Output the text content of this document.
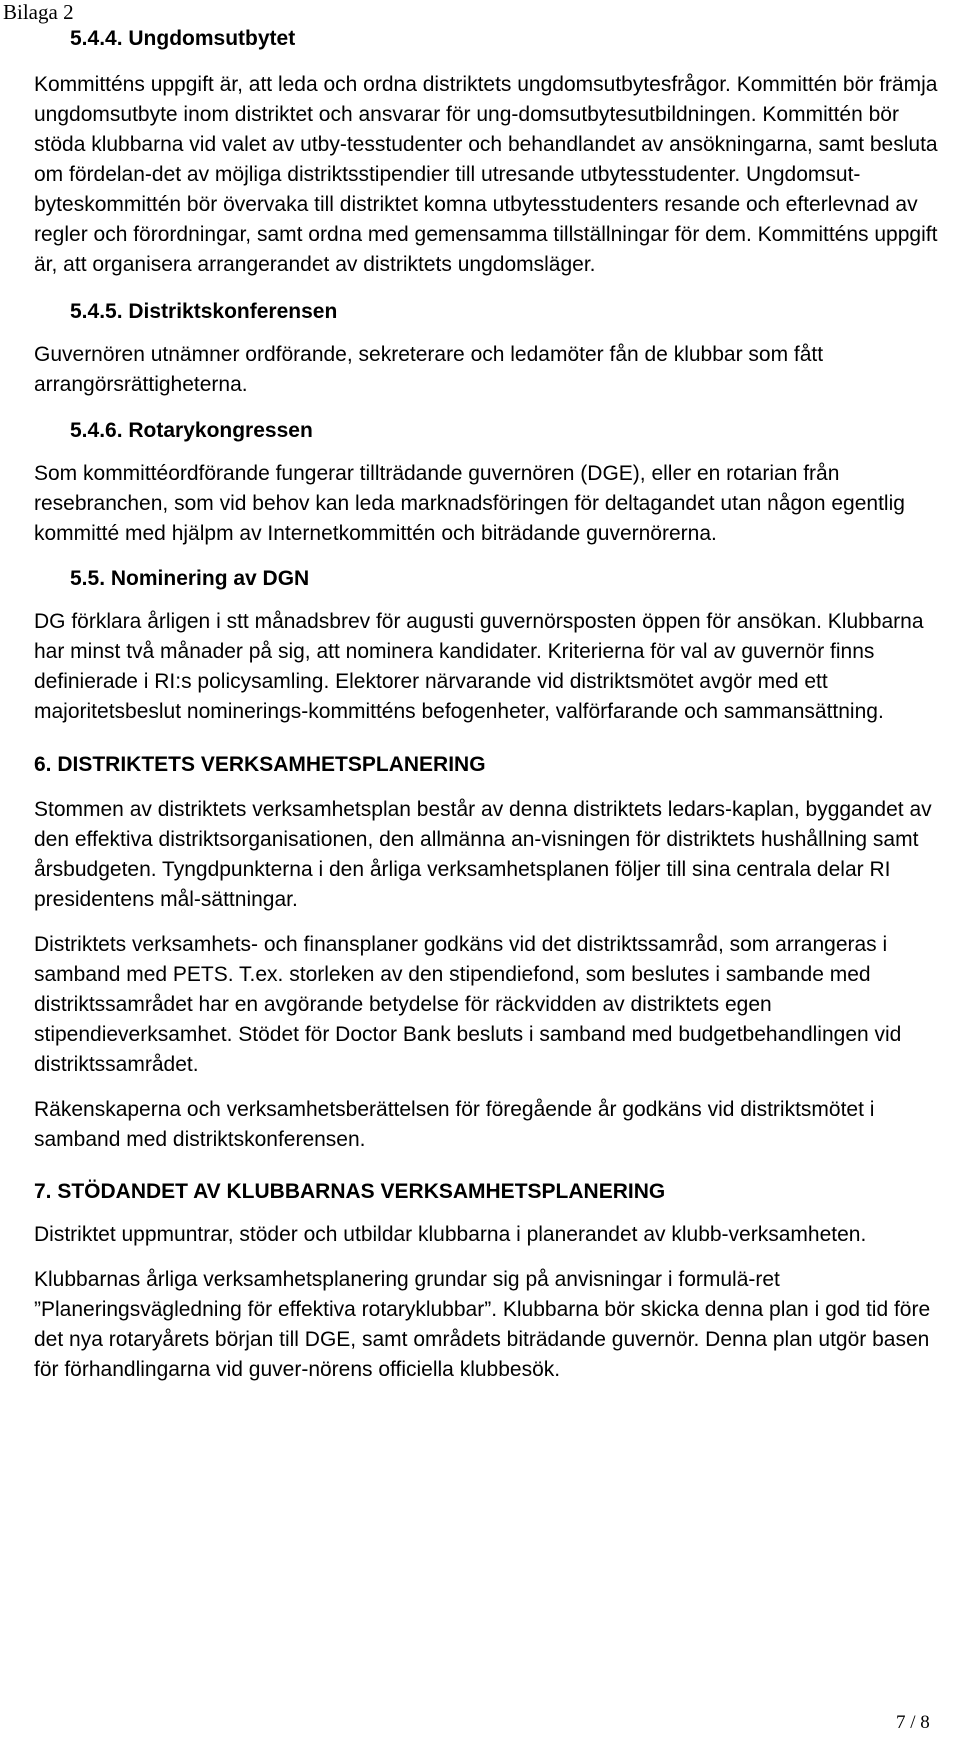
Bilaga 2
5.4.4. Ungdomsutbytet

Kommitténs uppgift är, att leda och ordna distriktets ungdomsutbytesfrågor. Kommittén bör främja ungdomsutbyte inom distriktet och ansvarar för ung-domsutbytesutbildningen. Kommittén bör stöda klubbarna vid valet av utby-tesstudenter och behandlandet av ansökningarna, samt besluta om fördelan-det av möjliga distriktsstipendier till utresande utbytesstudenter. Ungdomsut-byteskommittén bör övervaka till distriktet komna utbytesstudenters resande och efterlevnad av regler och förordningar, samt ordna med gemensamma tillställningar för dem. Kommitténs uppgift är, att organisera arrangerandet av distriktets ungdomsläger.

5.4.5. Distriktskonferensen

Guvernören utnämner ordförande, sekreterare och ledamöter fån de klubbar som fått arrangörsrättigheterna.

5.4.6. Rotarykongressen

Som kommittéordförande fungerar tillträdande guvernören (DGE), eller en rotarian från resebranchen, som vid behov kan leda marknadsföringen för deltagandet utan någon egentlig kommitté med hjälpm av Internetkommittén och biträdande guvernörerna.

5.5. Nominering av DGN

DG förklara årligen i stt månadsbrev för augusti guvernörsposten öppen för ansökan. Klubbarna har minst två månader på sig, att nominera kandidater. Kriterierna för val av guvernör finns definierade i RI:s policysamling. Elektorer närvarande vid distriktsmötet avgör med ett majoritetsbeslut nominerings-kommitténs befogenheter, valförfarande och sammansättning.

6. DISTRIKTETS VERKSAMHETSPLANERING

Stommen av distriktets verksamhetsplan består av denna distriktets ledars-kaplan, byggandet av den effektiva distriktsorganisationen, den allmänna an-visningen för distriktets hushållning samt årsbudgeten. Tyngdpunkterna i den årliga verksamhetsplanen följer till sina centrala delar RI presidentens mål-sättningar.

Distriktets verksamhets- och finansplaner godkäns vid det distriktssamråd, som arrangeras i samband med PETS. T.ex. storleken av den stipendiefond, som beslutes i sambande med distriktssamrådet har en avgörande betydelse för räckvidden av distriktets egen stipendieverksamhet. Stödet för Doctor Bank besluts i samband med budgetbehandlingen vid distriktssamrådet.

Räkenskaperna och verksamhetsberättelsen för föregående år godkäns vid distriktsmötet i samband med distriktskonferensen.

7. STÖDANDET AV KLUBBARNAS VERKSAMHETSPLANERING

Distriktet uppmuntrar, stöder och utbildar klubbarna i planerandet av klubb-verksamheten.

Klubbarnas årliga verksamhetsplanering grundar sig på anvisningar i formulä-ret ”Planeringsvägledning för effektiva rotaryklubbar”. Klubbarna bör skicka denna plan i god tid före det nya rotaryårets början till DGE, samt områdets biträdande guvernör. Denna plan utgör basen för förhandlingarna vid guver-nörens officiella klubbesök.

7 / 8
